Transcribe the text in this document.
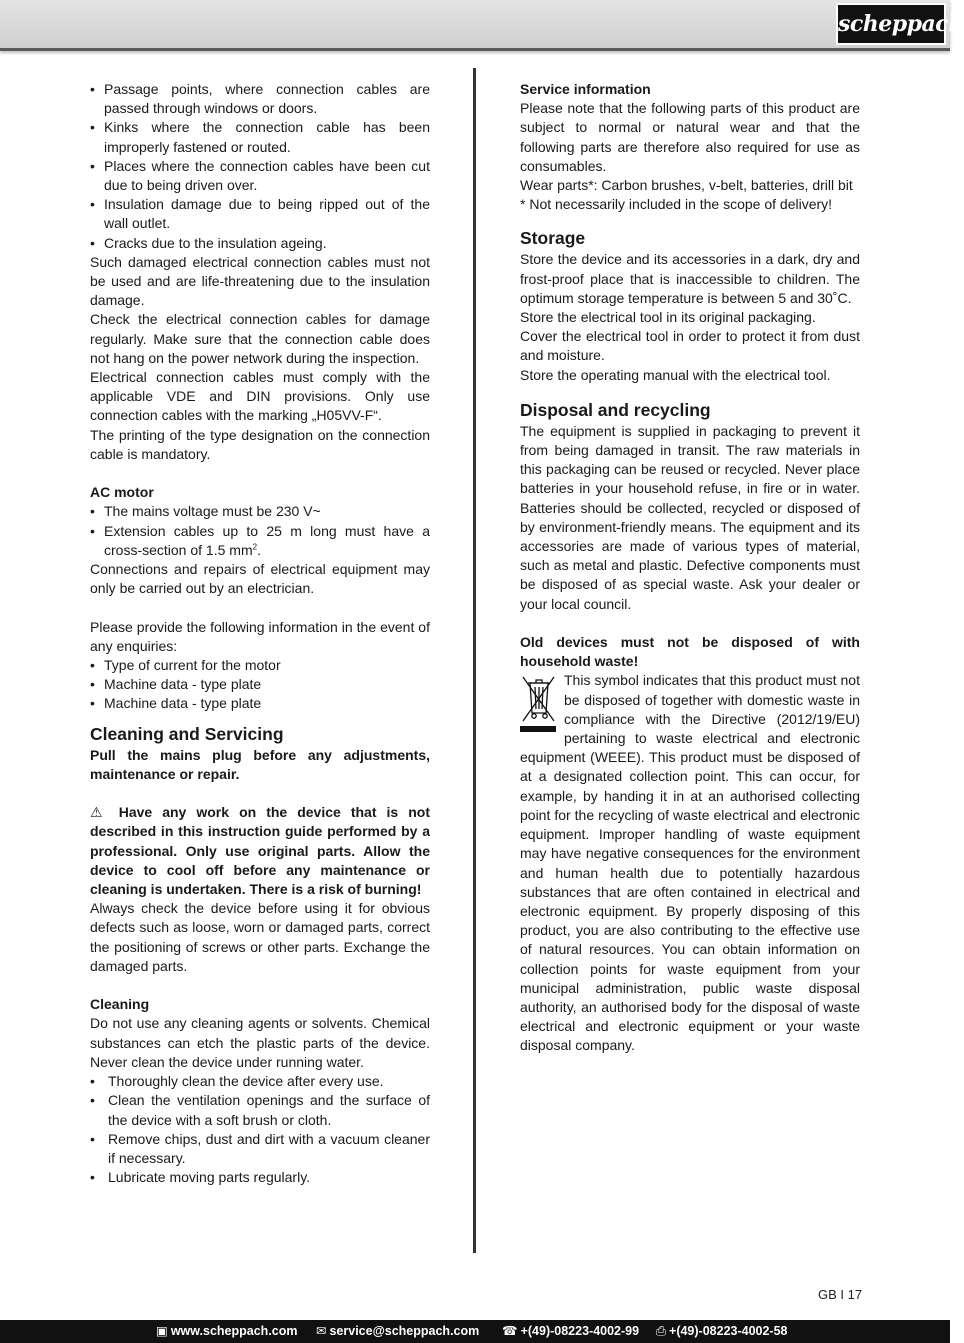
scheppach
• Passage points, where connection cables are passed through windows or doors.
• Kinks where the connection cable has been improperly fastened or routed.
• Places where the connection cables have been cut due to being driven over.
• Insulation damage due to being ripped out of the wall outlet.
• Cracks due to the insulation ageing.

Such damaged electrical connection cables must not be used and are life-threatening due to the insulation damage.

Check the electrical connection cables for damage regularly. Make sure that the connection cable does not hang on the power network during the inspection.

Electrical connection cables must comply with the applicable VDE and DIN provisions. Only use connection cables with the marking „H05VV-F“.

The printing of the type designation on the connection cable is mandatory.

AC motor

• The mains voltage must be 230 V~
• Extension cables up to 25 m long must have a cross-section of 1.5 $mm^2$.

Connections and repairs of electrical equipment may only be carried out by an electrician.

Please provide the following information in the event of any enquiries:

• Type of current for the motor
• Machine data - type plate
• Machine data - type plate
Cleaning and Servicing

Pull the mains plug before any adjustments, maintenance or repair.

⚠ Have any work on the device that is not described in this instruction guide performed by a professional. Only use original parts. Allow the device to cool off before any maintenance or cleaning is undertaken. There is a risk of burning!

Always check the device before using it for obvious defects such as loose, worn or damaged parts, correct the positioning of screws or other parts. Exchange the damaged parts.

Cleaning

Do not use any cleaning agents or solvents. Chemical substances can etch the plastic parts of the device. Never clean the device under running water.

• Thoroughly clean the device after every use.
• Clean the ventilation openings and the surface of the device with a soft brush or cloth.
• Remove chips, dust and dirt with a vacuum cleaner if necessary.
• Lubricate moving parts regularly.

Service information

Please note that the following parts of this product are subject to normal or natural wear and that the following parts are therefore also required for use as consumables.

Wear parts*: Carbon brushes, v-belt, batteries, drill bit

* Not necessarily included in the scope of delivery!

Storage

Store the device and its accessories in a dark, dry and frost-proof place that is inaccessible to children. The optimum storage temperature is between 5 and 30˚C.

Store the electrical tool in its original packaging.

Cover the electrical tool in order to protect it from dust and moisture.

Store the operating manual with the electrical tool.

Disposal and recycling

The equipment is supplied in packaging to prevent it from being damaged in transit. The raw materials in this packaging can be reused or recycled. Never place batteries in your household refuse, in fire or in water. Batteries should be collected, recycled or disposed of by environment-friendly means. The equipment and its accessories are made of various types of material, such as metal and plastic. Defective components must be disposed of as special waste. Ask your dealer or your local council.

Old devices must not be disposed of with household waste!

This symbol indicates that this product must not be disposed of together with domestic waste in compliance with the Directive (2012/19/EU) pertaining to waste electrical and electronic equipment (WEEE). This product must be disposed of at a designated collection point. This can occur, for example, by handing it in at an authorised collecting point for the recycling of waste electrical and electronic equipment. Improper handling of waste equipment may have negative consequences for the environment and human health due to potentially hazardous substances that are often contained in electrical and electronic equipment. By properly disposing of this product, you are also contributing to the effective use of natural resources. You can obtain information on collection points for waste equipment from your municipal administration, public waste disposal authority, an authorised body for the disposal of waste electrical and electronic equipment or your waste disposal company.

GB I 17
▣ www.scheppach.com ✉ service@scheppach.com ☎ +(49)-08223-4002-99 ⎙ +(49)-08223-4002-58
